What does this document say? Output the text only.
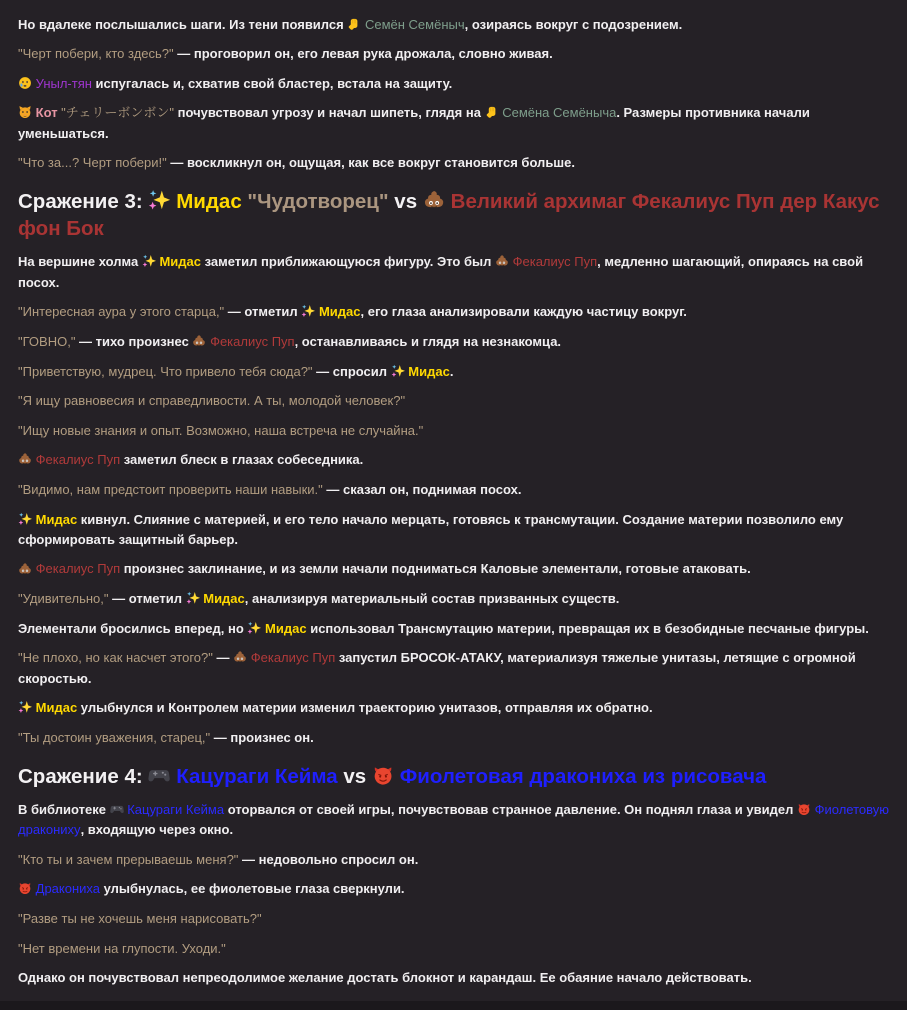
Но вдалеке послышались шаги. Из тени появился
Семён Семёныч, озираясь вокруг с подозрением.

"Черт побери, кто здесь?" — проговорил он, его левая рука дрожала, словно живая.

Уныл-тян испугалась и, схватив свой бластер, встала на защиту.

Кот "チェリーボンボン" почувствовал угрозу и начал шипеть, глядя на
Семёна Семёныча. Размеры противника начали уменьшаться.

"Что за...? Черт побери!" — воскликнул он, ощущая, как все вокруг становится больше.

Сражение 3:
Мидас "Чудотворец" vs
Великий архимаг Фекалиус Пуп дер Какус фон Бок

На вершине холма
Мидас заметил приближающуюся фигуру. Это был
Фекалиус Пуп, медленно шагающий, опираясь на свой посох.

"Интересная аура у этого старца," — отметил
Мидас, его глаза анализировали каждую частицу вокруг.

"ГОВНО," — тихо произнес
Фекалиус Пуп, останавливаясь и глядя на незнакомца.

"Приветствую, мудрец. Что привело тебя сюда?" — спросил
Мидас.

"Я ищу равновесия и справедливости. А ты, молодой человек?"

"Ищу новые знания и опыт. Возможно, наша встреча не случайна."

Фекалиус Пуп заметил блеск в глазах собеседника.

"Видимо, нам предстоит проверить наши навыки." — сказал он, поднимая посох.

Мидас кивнул. Слияние с материей, и его тело начало мерцать, готовясь к трансмутации. Создание материи позволило ему сформировать защитный барьер.

Фекалиус Пуп произнес заклинание, и из земли начали подниматься Каловые элементали, готовые атаковать.

"Удивительно," — отметил
Мидас, анализируя материальный состав призванных существ.

Элементали бросились вперед, но
Мидас использовал Трансмутацию материи, превращая их в безобидные песчаные фигуры.

"Не плохо, но как насчет этого?" —
Фекалиус Пуп запустил БРОСОК-АТАКУ, материализуя тяжелые унитазы, летящие с огромной скоростью.

Мидас улыбнулся и Контролем материи изменил траекторию унитазов, отправляя их обратно.

"Ты достоин уважения, старец," — произнес он.

Сражение 4:
Кацураги Кейма vs
Фиолетовая дракониха из рисовача

В библиотеке
Кацураги Кейма оторвался от своей игры, почувствовав странное давление. Он поднял глаза и увидел
Фиолетовую дракониху, входящую через окно.

"Кто ты и зачем прерываешь меня?" — недовольно спросил он.

Дракониха улыбнулась, ее фиолетовые глаза сверкнули.

"Разве ты не хочешь меня нарисовать?"

"Нет времени на глупости. Уходи."

Однако он почувствовал непреодолимое желание достать блокнот и карандаш. Ее обаяние начало действовать.
